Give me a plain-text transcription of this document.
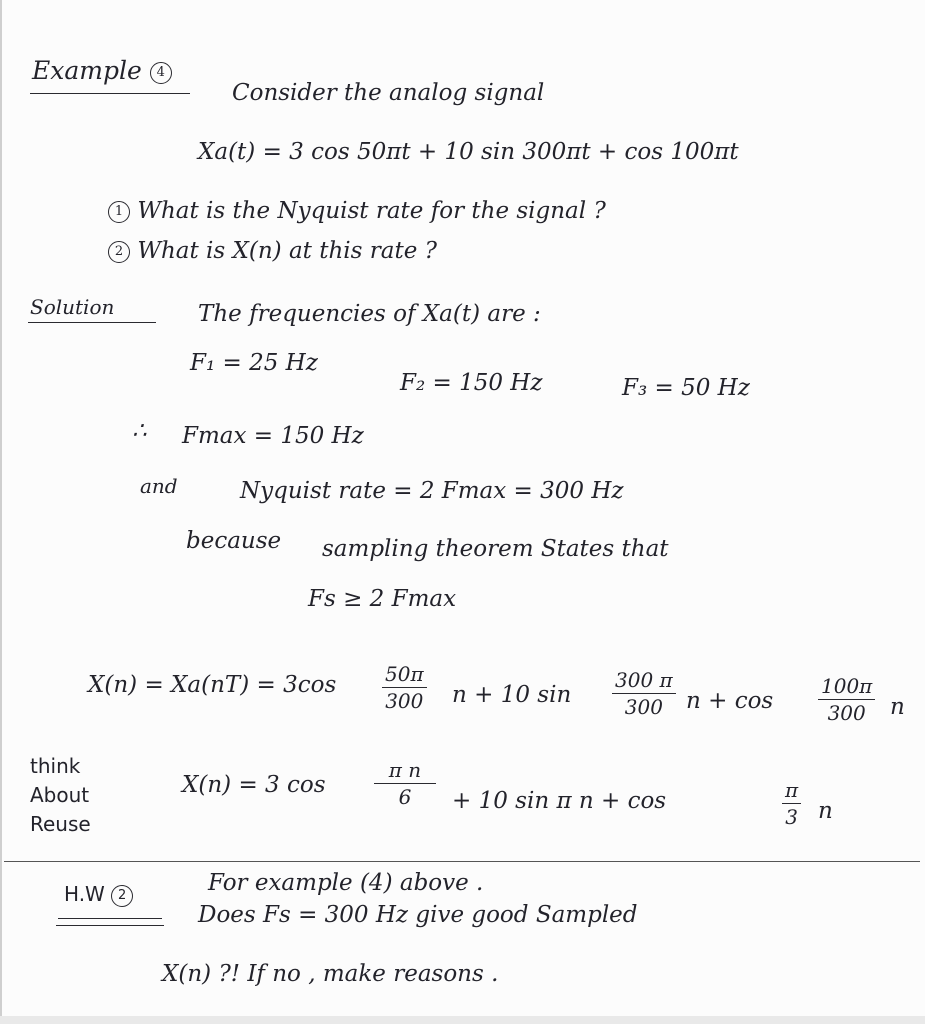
Example 4
Consider the analog signal
Xa(t) = 3 cos 50πt + 10 sin 300πt + cos 100πt
1 What is the Nyquist rate for the signal ?
2 What is X(n) at this rate ?
Solution	The frequencies of Xa(t) are :
F₁ = 25 Hz
F₂ = 150 Hz	F₃ = 50 Hz
∴ Fmax = 150 Hz
and	Nyquist rate = 2 Fmax = 300 Hz
because sampling theorem States that
Fs ≥ 2 Fmax
X(n) = Xa(nT) = 3cos 50π
300 n + 10 sin
300 π
300	n + cos
100π
300	n
think
About
Reuse
X(n) = 3 cos
π n
6	+ 10 sin π n + cos	π
3 n
H.W 2	For example (4) above .
Does Fs = 300 Hz give good Sampled
X(n) ?! If no , make reasons .
